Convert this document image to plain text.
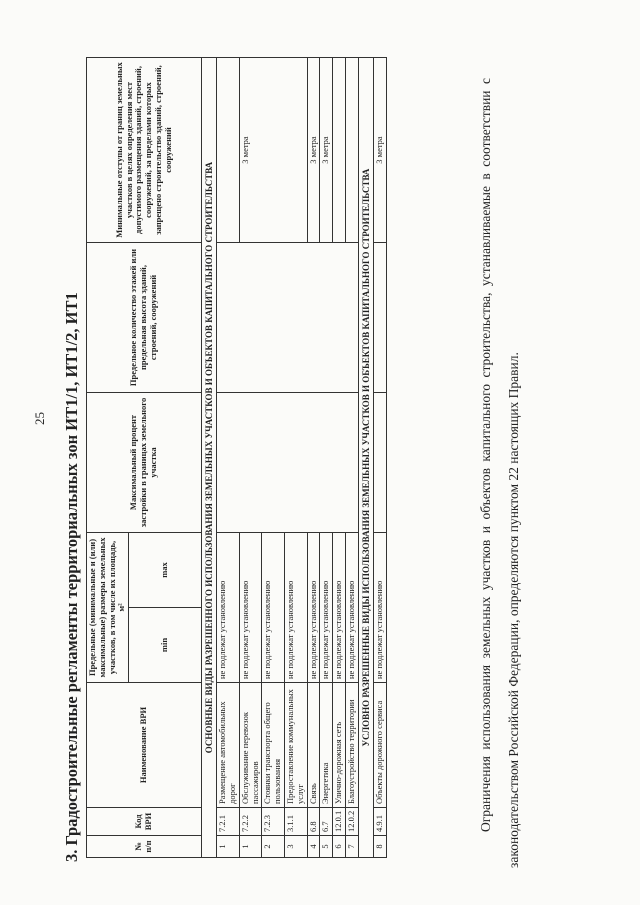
25 3. Градостроительные регламенты территориальных зон ИТ1/1, ИТ1/2, ИТ1	№ п/п	Код ВРИ	Наименование ВРИ	Предельные (минимальные и (или) максимальные) размеры земельных участков, в том числе их площадь, м²		Максимальный процент застройки в границах земельного участка	Предельное количество этажей или предельная высота зданий, строений, сооружений	Минимальные отступы от границ земельных участков в целях определения мест допустимого размещения зданий, строений, сооружений, за пределами которых запрещено строительство зданий, строений, сооружений
			min	max			
ОСНОВНЫЕ ВИДЫ РАЗРЕШЕННОГО ИСПОЛЬЗОВАНИЯ ЗЕМЕЛЬНЫХ УЧАСТКОВ И ОБЪЕКТОВ КАПИТАЛЬНОГО СТРОИТЕЛЬСТВА							
1	7.2.1	Размещение автомобильных дорог	не подлежат установлению				
1	7.2.2	Обслуживание перевозок пассажиров	не подлежат установлению				3 метра
2	7.2.3	Стоянки транспорта общего пользования	не подлежат установлению				
3	3.1.1	Предоставление коммунальных услуг	не подлежат установлению				
4	6.8	Связь	не подлежат установлению				3 метра
5	6.7	Энергетика	не подлежат установлению				3 метра
6	12.0.1	Улично-дорожная сеть	не подлежат установлению				
7	12.0.2	Благоустройство территории	не подлежат установлению				
УСЛОВНО РАЗРЕШЕННЫЕ ВИДЫ ИСПОЛЬЗОВАНИЯ ЗЕМЕЛЬНЫХ УЧАСТКОВ И ОБЪЕКТОВ КАПИТАЛЬНОГО СТРОИТЕЛЬСТВА							
8	4.9.1	Объекты дорожного сервиса	не подлежат установлению				3 метра	Ограничения использования земельных участков и объектов капитального строительства, устанавливаемые в соответствии с законодательством Российской Федерации, определяются пунктом 22 настоящих Правил.
